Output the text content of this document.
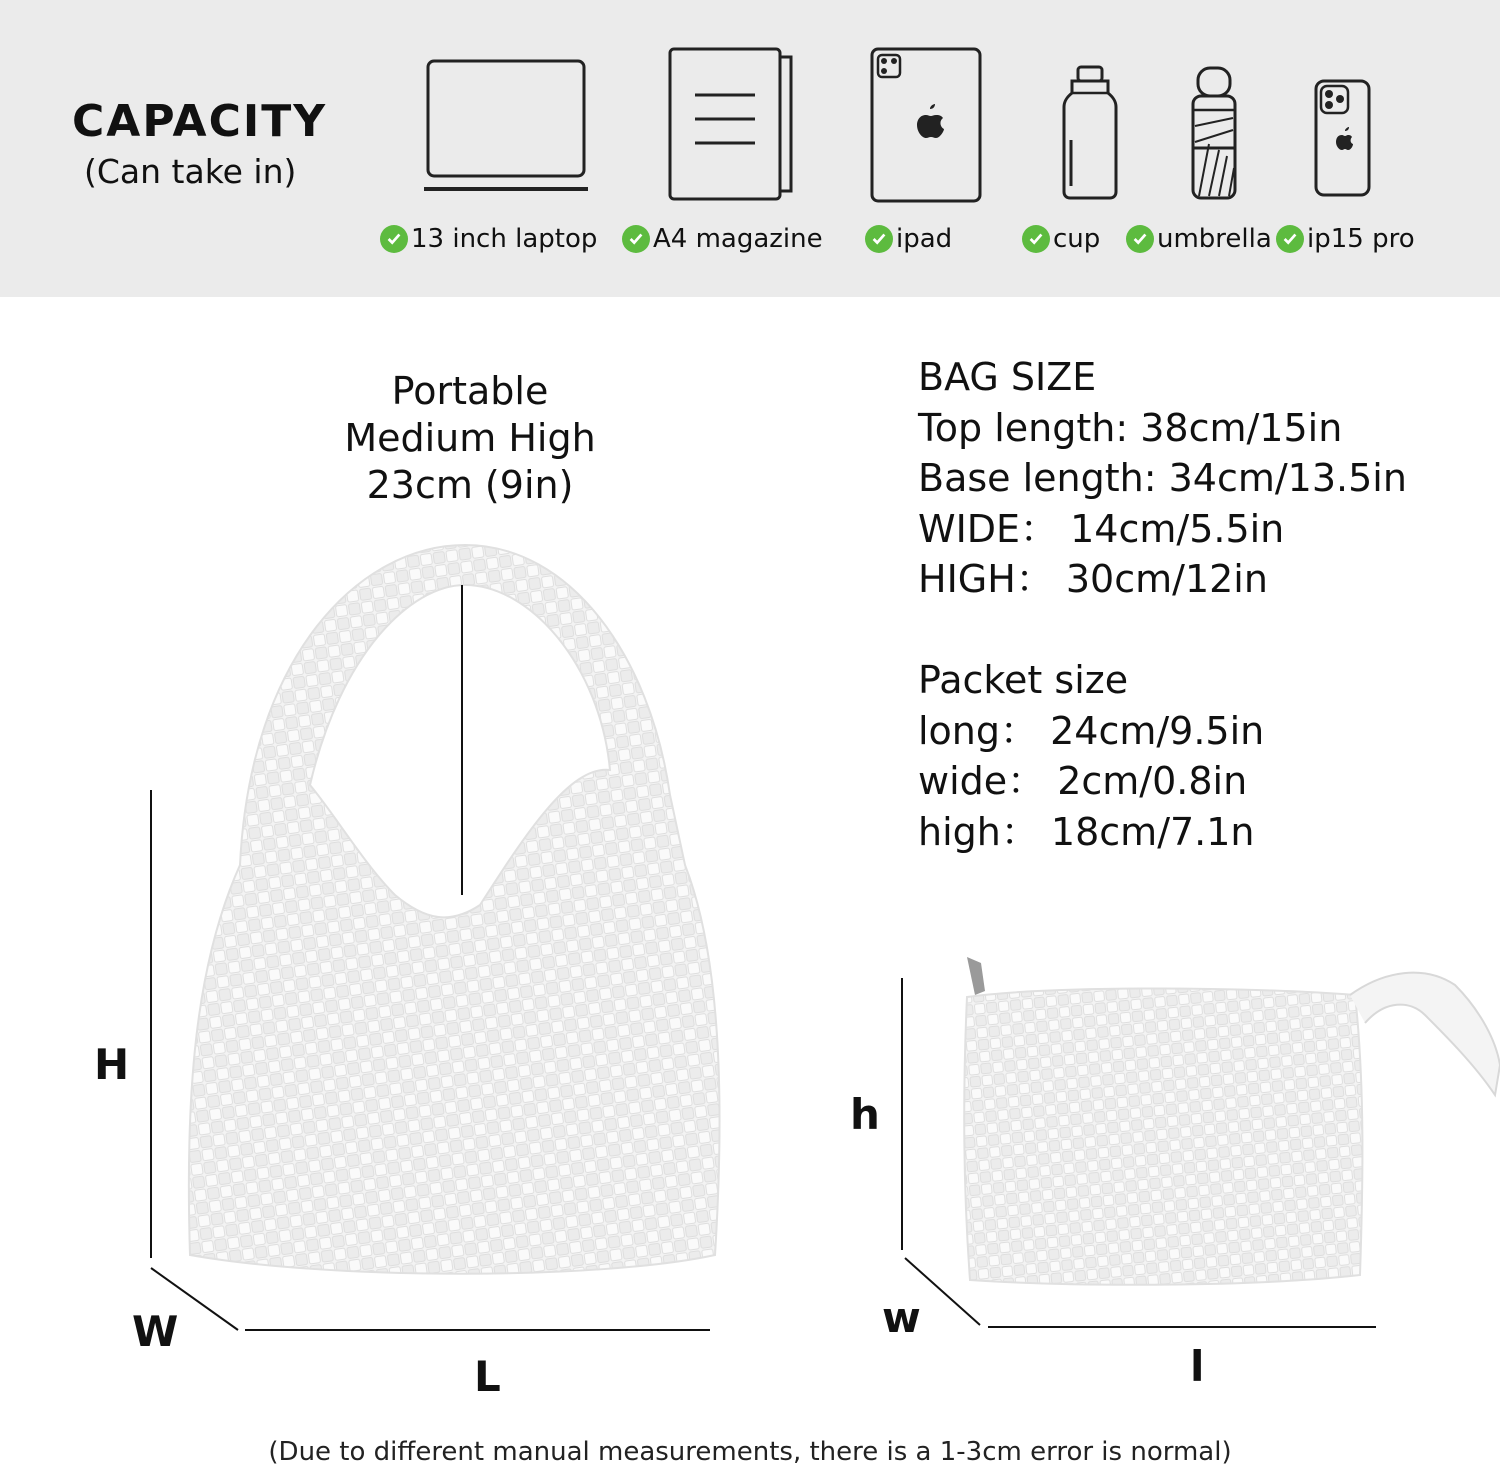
CAPACITY
(Can take in)
13 inch laptop A4 magazine	ipad	cup umbrella ip15 pro
Portable
Medium High
23cm (9in)
BAG SIZE
Top length: 38cm/15in
Base length: 34cm/13.5in
WIDE： 14cm/5.5in
HIGH： 30cm/12in
Packet size
long： 24cm/9.5in
wide： 2cm/0.8in
high： 18cm/7.1n
H
W
L
h
w
l
(Due to different manual measurements, there is a 1-3cm error is normal)
